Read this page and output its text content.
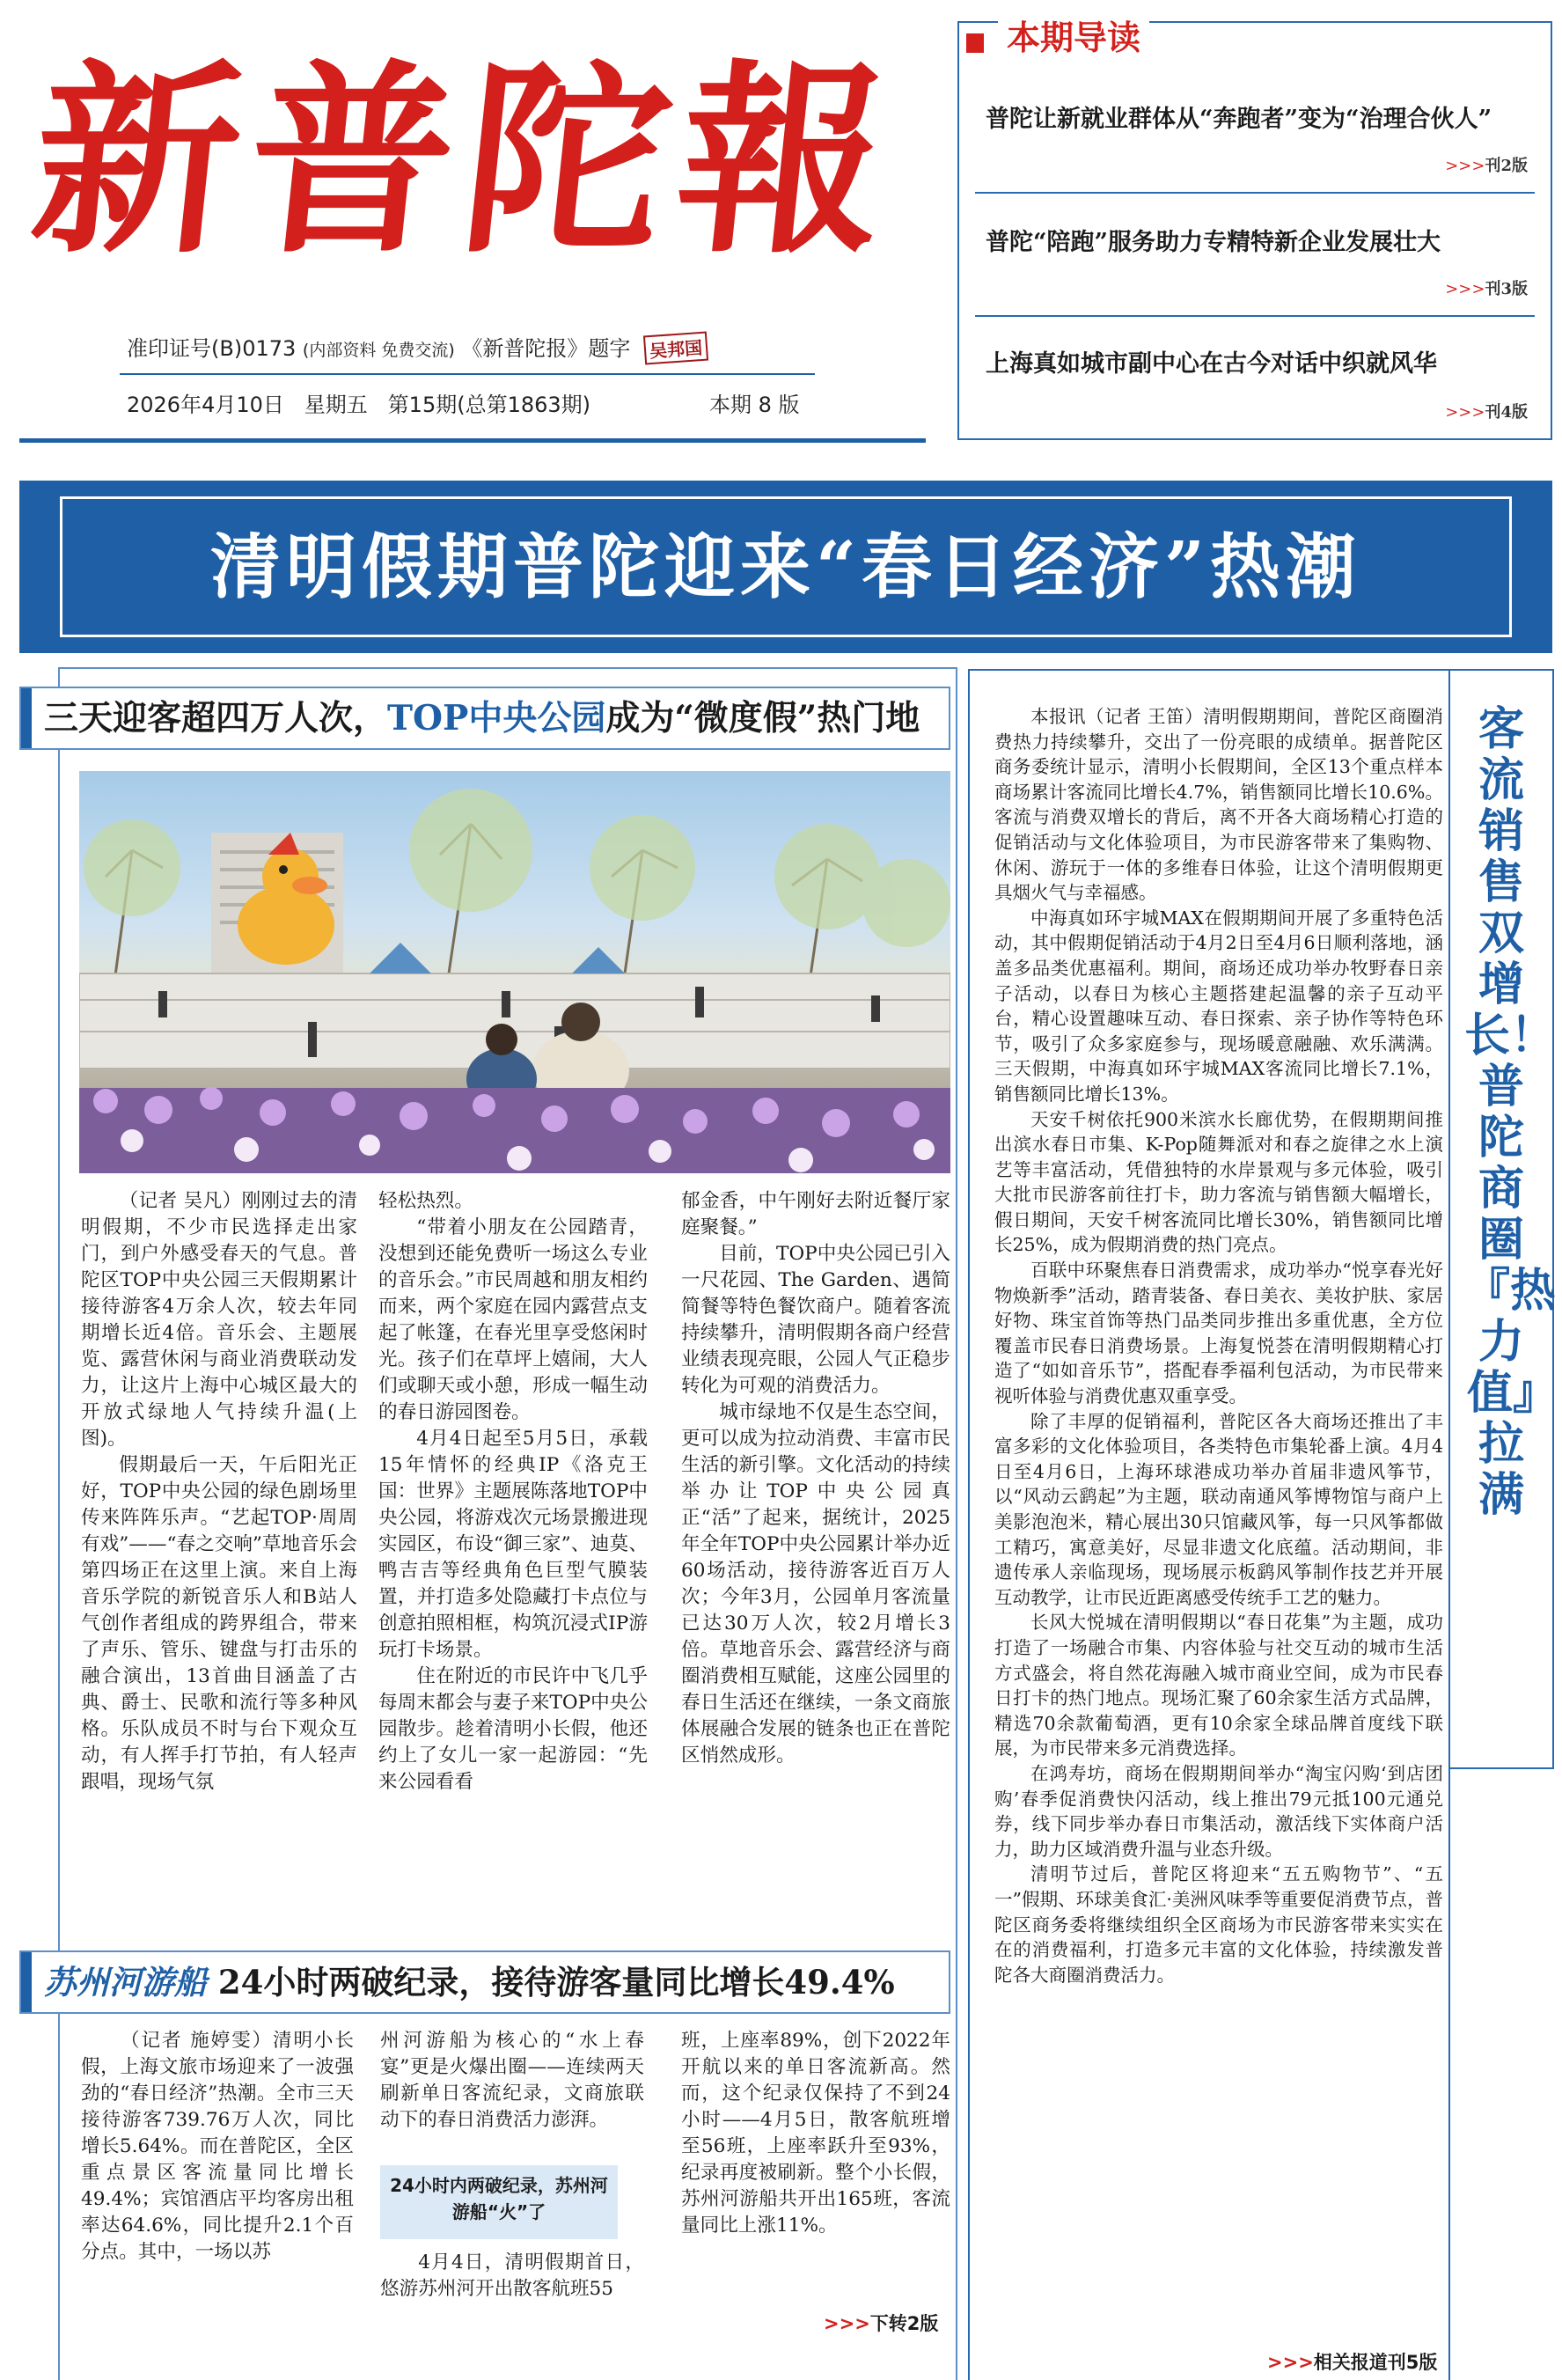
新普陀報
准印证号(B)0173 (内部资料 免费交流) 《新普陀报》题字 吴邦国
2026年4月10日 星期五 第15期(总第1863期)	本期 8 版
本期导读
普陀让新就业群体从“奔跑者”变为“治理合伙人”
>>>刊2版
普陀“陪跑”服务助力专精特新企业发展壮大
>>>刊3版
上海真如城市副中心在古今对话中织就风华
>>>刊4版
清明假期普陀迎来“春日经济”热潮
三天迎客超四万人次，TOP中央公园成为“微度假”热门地

  （记者 吴凡）刚刚过去的清明假期，不少市民选择走出家门，到户外感受春天的气息。普陀区TOP中央公园三天假期累计接待游客4万余人次，较去年同期增长近4倍。音乐会、主题展览、露营休闲与商业消费联动发力，让这片上海中心城区最大的开放式绿地人气持续升温(上图)。

假期最后一天，午后阳光正好，TOP中央公园的绿色剧场里传来阵阵乐声。“艺起TOP·周周有戏”——“春之交响”草地音乐会第四场正在这里上演。来自上海音乐学院的新锐音乐人和B站人气创作者组成的跨界组合，带来了声乐、管乐、键盘与打击乐的融合演出，13首曲目涵盖了古典、爵士、民歌和流行等多种风格。乐队成员不时与台下观众互动，有人挥手打节拍，有人轻声跟唱，现场气氛

轻松热烈。

“带着小朋友在公园踏青，没想到还能免费听一场这么专业的音乐会。”市民周越和朋友相约而来，两个家庭在园内露营点支起了帐篷，在春光里享受悠闲时光。孩子们在草坪上嬉闹，大人们或聊天或小憩，形成一幅生动的春日游园图卷。

4月4日起至5月5日，承载15年情怀的经典IP《洛克王国：世界》主题展陈落地TOP中央公园，将游戏次元场景搬进现实园区，布设“御三家”、迪莫、鸭吉吉等经典角色巨型气膜装置，并打造多处隐藏打卡点位与创意拍照相框，构筑沉浸式IP游玩打卡场景。

住在附近的市民许中飞几乎每周末都会与妻子来TOP中央公园散步。趁着清明小长假，他还约上了女儿一家一起游园：“先来公园看看

郁金香，中午刚好去附近餐厅家庭聚餐。”

目前，TOP中央公园已引入一尺花园、The Garden、遇简简餐等特色餐饮商户。随着客流持续攀升，清明假期各商户经营业绩表现亮眼，公园人气正稳步转化为可观的消费活力。

城市绿地不仅是生态空间，更可以成为拉动消费、丰富市民生活的新引擎。文化活动的持续举办让TOP中央公园真正“活”了起来，据统计，2025年全年TOP中央公园累计举办近60场活动，接待游客近百万人次；今年3月，公园单月客流量已达30万人次，较2月增长3倍。草地音乐会、露营经济与商圈消费相互赋能，这座公园里的春日生活还在继续，一条文商旅体展融合发展的链条也正在普陀区悄然成形。

苏州河游船 24小时两破纪录，接待游客量同比增长49.4%

  （记者 施婷雯）清明小长假，上海文旅市场迎来了一波强劲的“春日经济”热潮。全市三天接待游客739.76万人次，同比增长5.64%。而在普陀区，全区重点景区客流量同比增长49.4%；宾馆酒店平均客房出租率达64.6%，同比提升2.1个百分点。其中，一场以苏

州河游船为核心的“水上春宴”更是火爆出圈——连续两天刷新单日客流纪录，文商旅联动下的春日消费活力澎湃。

24小时内两破纪录，苏州河游船“火”了

4月4日，清明假期首日，悠游苏州河开出散客航班55

班，上座率89%，创下2022年开航以来的单日客流新高。然而，这个纪录仅保持了不到24小时——4月5日，散客航班增至56班，上座率跃升至93%，纪录再度被刷新。整个小长假，苏州河游船共开出165班，客流量同比上涨11%。

>>>下转2版
客流销售双增长！普陀商圈『热力值』拉满

本报讯（记者 王笛）清明假期期间，普陀区商圈消费热力持续攀升，交出了一份亮眼的成绩单。据普陀区商务委统计显示，清明小长假期间，全区13个重点样本商场累计客流同比增长4.7%，销售额同比增长10.6%。客流与消费双增长的背后，离不开各大商场精心打造的促销活动与文化体验项目，为市民游客带来了集购物、休闲、游玩于一体的多维春日体验，让这个清明假期更具烟火气与幸福感。

中海真如环宇城MAX在假期期间开展了多重特色活动，其中假期促销活动于4月2日至4月6日顺利落地，涵盖多品类优惠福利。期间，商场还成功举办牧野春日亲子活动，以春日为核心主题搭建起温馨的亲子互动平台，精心设置趣味互动、春日探索、亲子协作等特色环节，吸引了众多家庭参与，现场暖意融融、欢乐满满。三天假期，中海真如环宇城MAX客流同比增长7.1%，销售额同比增长13%。

天安千树依托900米滨水长廊优势，在假期期间推出滨水春日市集、K-Pop随舞派对和春之旋律之水上演艺等丰富活动，凭借独特的水岸景观与多元体验，吸引大批市民游客前往打卡，助力客流与销售额大幅增长，假日期间，天安千树客流同比增长30%，销售额同比增长25%，成为假期消费的热门亮点。

百联中环聚焦春日消费需求，成功举办“悦享春光好物焕新季”活动，踏青装备、春日美衣、美妆护肤、家居好物、珠宝首饰等热门品类同步推出多重优惠，全方位覆盖市民春日消费场景。上海复悦荟在清明假期精心打造了“如如音乐节”，搭配春季福利包活动，为市民带来视听体验与消费优惠双重享受。

除了丰厚的促销福利，普陀区各大商场还推出了丰富多彩的文化体验项目，各类特色市集轮番上演。4月4日至4月6日，上海环球港成功举办首届非遗风筝节，以“风动云鹞起”为主题，联动南通风筝博物馆与商户上美影泡泡米，精心展出30只馆藏风筝，每一只风筝都做工精巧，寓意美好，尽显非遗文化底蕴。活动期间，非遗传承人亲临现场，现场展示板鹞风筝制作技艺并开展互动教学，让市民近距离感受传统手工艺的魅力。

长风大悦城在清明假期以“春日花集”为主题，成功打造了一场融合市集、内容体验与社交互动的城市生活方式盛会，将自然花海融入城市商业空间，成为市民春日打卡的热门地点。现场汇聚了60余家生活方式品牌，精选70余款葡萄酒，更有10余家全球品牌首度线下联展，为市民带来多元消费选择。

在鸿寿坊，商场在假期期间举办“淘宝闪购‘到店团购’春季促消费快闪活动，线上推出79元抵100元通兑券，线下同步举办春日市集活动，激活线下实体商户活力，助力区域消费升温与业态升级。

清明节过后，普陀区将迎来“五五购物节”、“五一”假期、环球美食汇·美洲风味季等重要促消费节点，普陀区商务委将继续组织全区商场为市民游客带来实实在在的消费福利，打造多元丰富的文化体验，持续激发普陀各大商圈消费活力。

>>>相关报道刊5版
